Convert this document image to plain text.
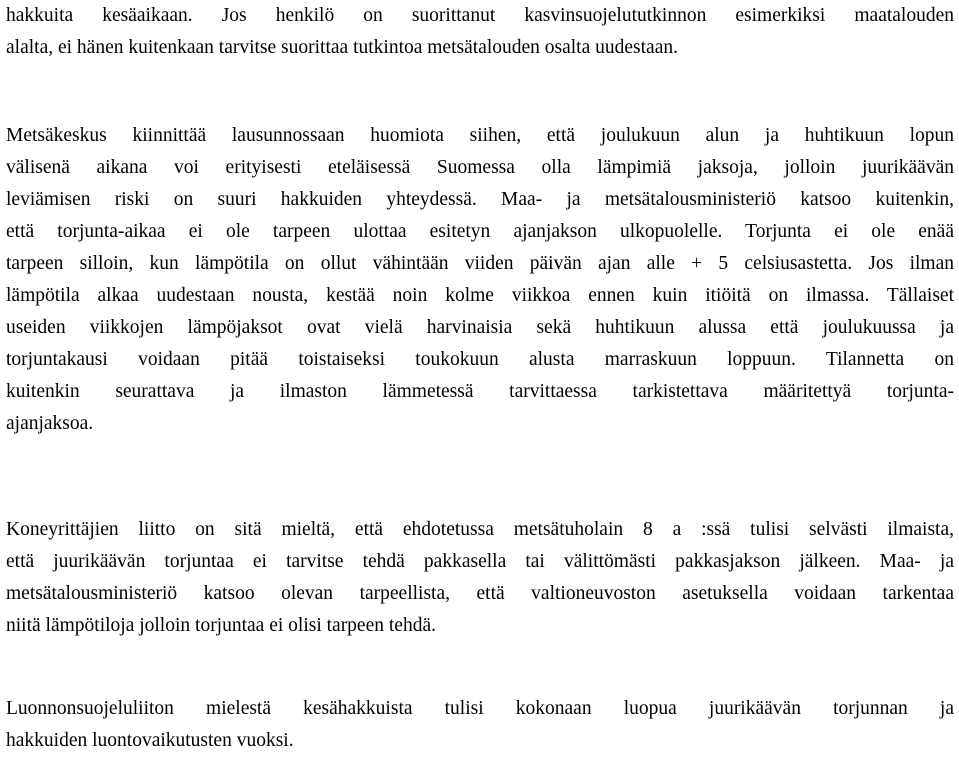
hakkuita kesäaikaan. Jos henkilö on suorittanut kasvinsuojelututkinnon esimerkiksi maatalouden
alalta, ei hänen kuitenkaan tarvitse suorittaa tutkintoa metsätalouden osalta uudestaan.

Metsäkeskus kiinnittää lausunnossaan huomiota siihen, että joulukuun alun ja huhtikuun lopun
välisenä aikana voi erityisesti eteläisessä Suomessa olla lämpimiä jaksoja, jolloin juurikäävän
leviämisen riski on suuri hakkuiden yhteydessä. Maa- ja metsätalousministeriö katsoo kuitenkin,
että torjunta-aikaa ei ole tarpeen ulottaa esitetyn ajanjakson ulkopuolelle. Torjunta ei ole enää
tarpeen silloin, kun lämpötila on ollut vähintään viiden päivän ajan alle + 5 celsiusastetta. Jos ilman
lämpötila alkaa uudestaan nousta, kestää noin kolme viikkoa ennen kuin itiöitä on ilmassa. Tällaiset
useiden viikkojen lämpöjaksot ovat vielä harvinaisia sekä huhtikuun alussa että joulukuussa ja
torjuntakausi voidaan pitää toistaiseksi toukokuun alusta marraskuun loppuun. Tilannetta on
kuitenkin seurattava ja ilmaston lämmetessä tarvittaessa tarkistettava määritettyä torjunta-
ajanjaksoa.

Koneyrittäjien liitto on sitä mieltä, että ehdotetussa metsätuholain 8 a :ssä tulisi selvästi ilmaista,
että juurikäävän torjuntaa ei tarvitse tehdä pakkasella tai välittömästi pakkasjakson jälkeen. Maa- ja
metsätalousministeriö katsoo olevan tarpeellista, että valtioneuvoston asetuksella voidaan tarkentaa
niitä lämpötiloja jolloin torjuntaa ei olisi tarpeen tehdä.

Luonnonsuojeluliiton mielestä kesähakkuista tulisi kokonaan luopua juurikäävän torjunnan ja
hakkuiden luontovaikutusten vuoksi.
